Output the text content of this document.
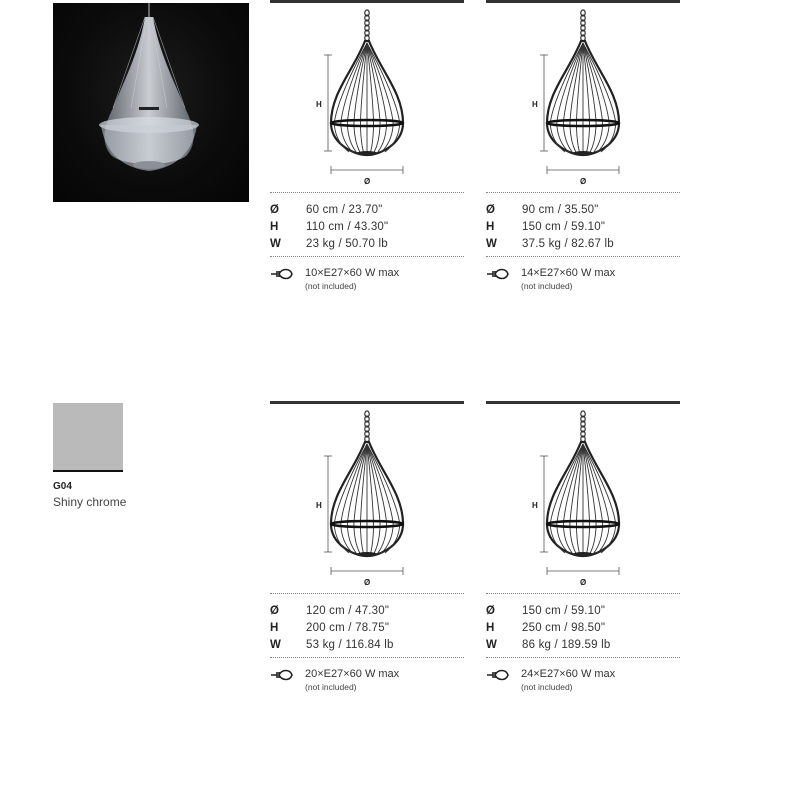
G04
Shiny chrome
H
Ø
Ø	60 cm / 23.70"
H	110 cm / 43.30"
W	23 kg / 50.70 lb
10×E27×60 W max
(not included)
H
Ø
Ø	90 cm / 35.50"
H	150 cm / 59.10"
W	37.5 kg / 82.67 lb
14×E27×60 W max
(not included)
H
Ø
Ø	120 cm / 47.30"
H	200 cm / 78.75"
W	53 kg / 116.84 lb
20×E27×60 W max
(not included)
H
Ø
Ø	150 cm / 59.10"
H	250 cm / 98.50"
W	86 kg / 189.59 lb
24×E27×60 W max
(not included)
